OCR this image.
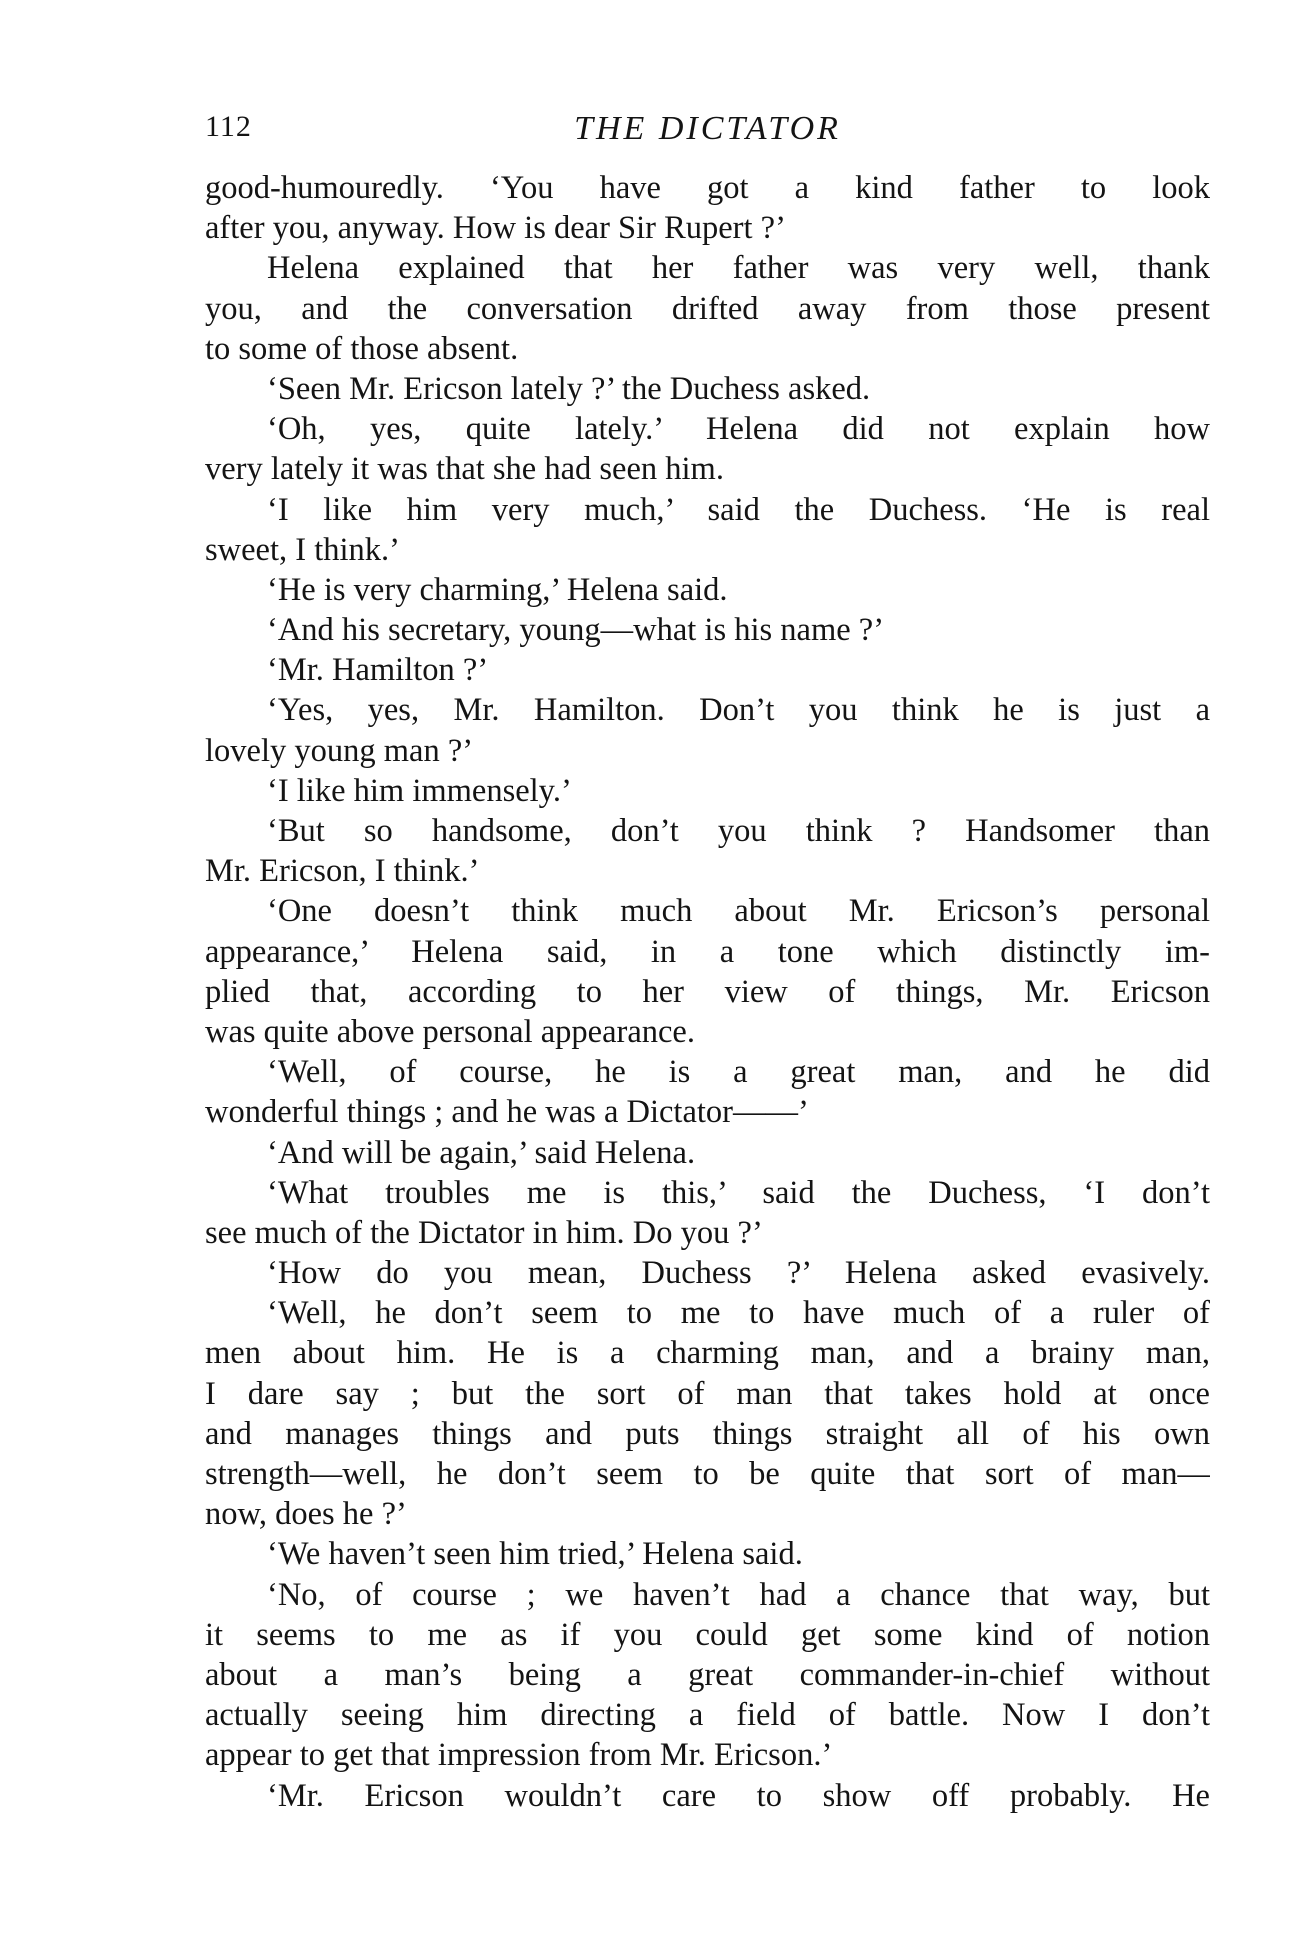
112	THE DICTATOR
good-humouredly. ‘You have got a kind father to look
after you, anyway. How is dear Sir Rupert ?’
Helena explained that her father was very well, thank
you, and the conversation drifted away from those present
to some of those absent.
‘Seen Mr. Ericson lately ?’ the Duchess asked.
‘Oh, yes, quite lately.’ Helena did not explain how
very lately it was that she had seen him.
‘I like him very much,’ said the Duchess. ‘He is real
sweet, I think.’
‘He is very charming,’ Helena said.
‘And his secretary, young—what is his name ?’
‘Mr. Hamilton ?’
‘Yes, yes, Mr. Hamilton. Don’t you think he is just a
lovely young man ?’
‘I like him immensely.’
‘But so handsome, don’t you think ? Handsomer than
Mr. Ericson, I think.’
‘One doesn’t think much about Mr. Ericson’s personal
appearance,’ Helena said, in a tone which distinctly im-
plied that, according to her view of things, Mr. Ericson
was quite above personal appearance.
‘Well, of course, he is a great man, and he did
wonderful things ; and he was a Dictator——’
‘And will be again,’ said Helena.
‘What troubles me is this,’ said the Duchess, ‘I don’t
see much of the Dictator in him. Do you ?’
‘How do you mean, Duchess ?’ Helena asked evasively.
‘Well, he don’t seem to me to have much of a ruler of
men about him. He is a charming man, and a brainy man,
I dare say ; but the sort of man that takes hold at once
and manages things and puts things straight all of his own
strength—well, he don’t seem to be quite that sort of man—
now, does he ?’
‘We haven’t seen him tried,’ Helena said.
‘No, of course ; we haven’t had a chance that way, but
it seems to me as if you could get some kind of notion
about a man’s being a great commander-in-chief without
actually seeing him directing a field of battle. Now I don’t
appear to get that impression from Mr. Ericson.’
‘Mr. Ericson wouldn’t care to show off probably. He
